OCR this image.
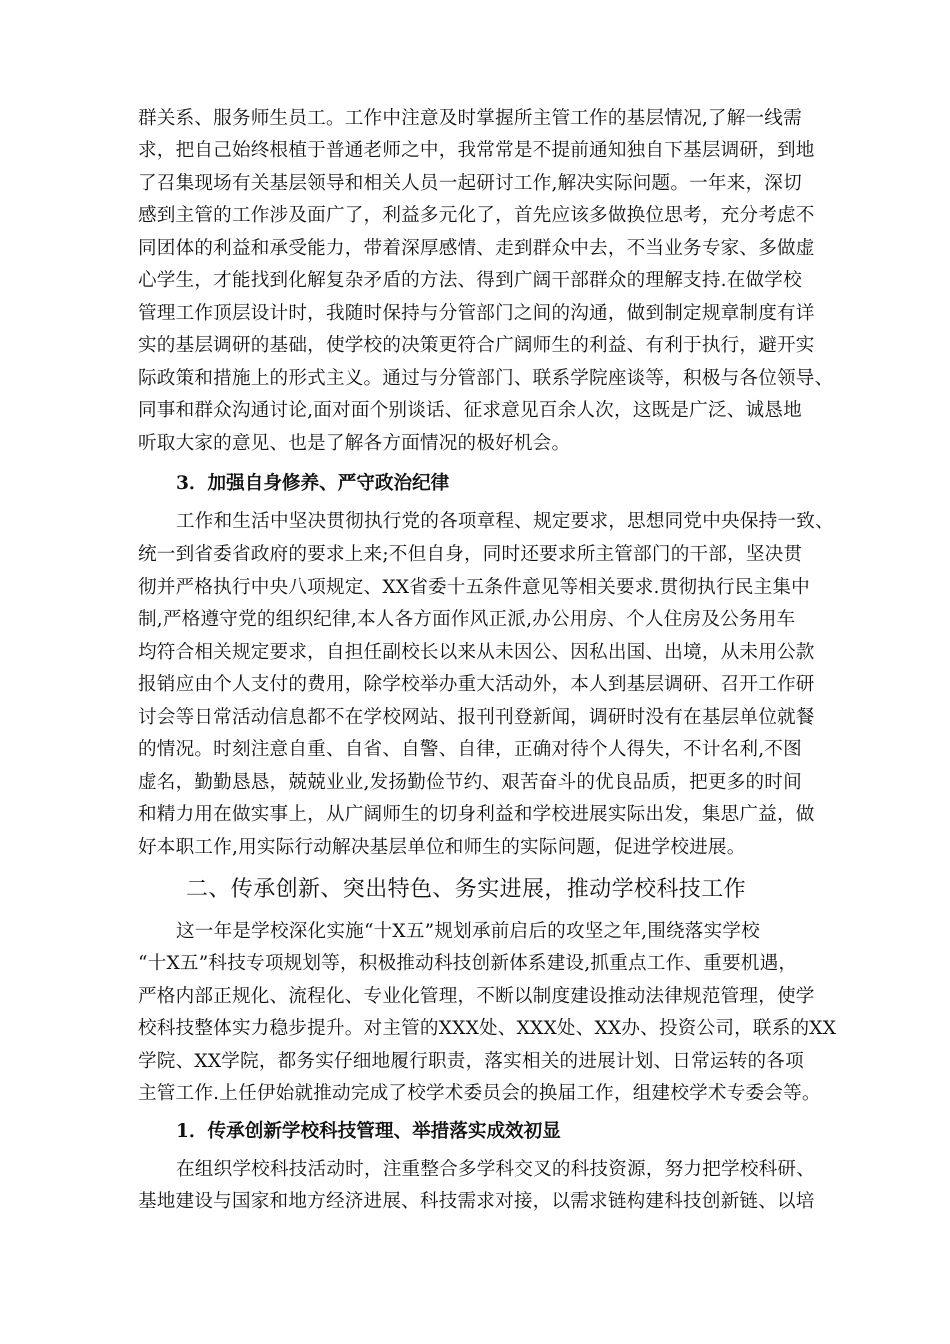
群关系、服务师生员工。工作中注意及时掌握所主管工作的基层情况,了解一线需
求，把自己始终根植于普通老师之中，我常常是不提前通知独自下基层调研，到地
了召集现场有关基层领导和相关人员一起研讨工作,解决实际问题。一年来，深切
感到主管的工作涉及面广了，利益多元化了，首先应该多做换位思考，充分考虑不
同团体的利益和承受能力，带着深厚感情、走到群众中去，不当业务专家、多做虚
心学生，才能找到化解复杂矛盾的方法、得到广阔干部群众的理解支持.在做学校
管理工作顶层设计时，我随时保持与分管部门之间的沟通，做到制定规章制度有详
实的基层调研的基础，使学校的决策更符合广阔师生的利益、有利于执行，避开实
际政策和措施上的形式主义。通过与分管部门、联系学院座谈等，积极与各位领导、
同事和群众沟通讨论,面对面个别谈话、征求意见百余人次，这既是广泛、诚恳地
听取大家的意见、也是了解各方面情况的极好机会。
3．加强自身修养、严守政治纪律
工作和生活中坚决贯彻执行党的各项章程、规定要求，思想同党中央保持一致、
统一到省委省政府的要求上来;不但自身，同时还要求所主管部门的干部，坚决贯
彻并严格执行中央八项规定、XX省委十五条件意见等相关要求.贯彻执行民主集中
制,严格遵守党的组织纪律,本人各方面作风正派,办公用房、个人住房及公务用车
均符合相关规定要求，自担任副校长以来从未因公、因私出国、出境，从未用公款
报销应由个人支付的费用，除学校举办重大活动外，本人到基层调研、召开工作研
讨会等日常活动信息都不在学校网站、报刊刊登新闻，调研时没有在基层单位就餐
的情况。时刻注意自重、自省、自警、自律，正确对待个人得失，不计名利,不图
虚名，勤勤恳恳，兢兢业业,发扬勤俭节约、艰苦奋斗的优良品质，把更多的时间
和精力用在做实事上，从广阔师生的切身利益和学校进展实际出发，集思广益，做
好本职工作,用实际行动解决基层单位和师生的实际问题，促进学校进展。
二、传承创新、突出特色、务实进展，推动学校科技工作
这一年是学校深化实施“十X五”规划承前启后的攻坚之年,围绕落实学校
“十X五”科技专项规划等，积极推动科技创新体系建设,抓重点工作、重要机遇，
严格内部正规化、流程化、专业化管理，不断以制度建设推动法律规范管理，使学
校科技整体实力稳步提升。对主管的XXX处、XXX处、XX办、投资公司，联系的XX
学院、XX学院，都务实仔细地履行职责，落实相关的进展计划、日常运转的各项
主管工作.上任伊始就推动完成了校学术委员会的换届工作，组建校学术专委会等。
1．传承创新学校科技管理、举措落实成效初显
在组织学校科技活动时，注重整合多学科交叉的科技资源，努力把学校科研、
基地建设与国家和地方经济进展、科技需求对接，以需求链构建科技创新链、以培
